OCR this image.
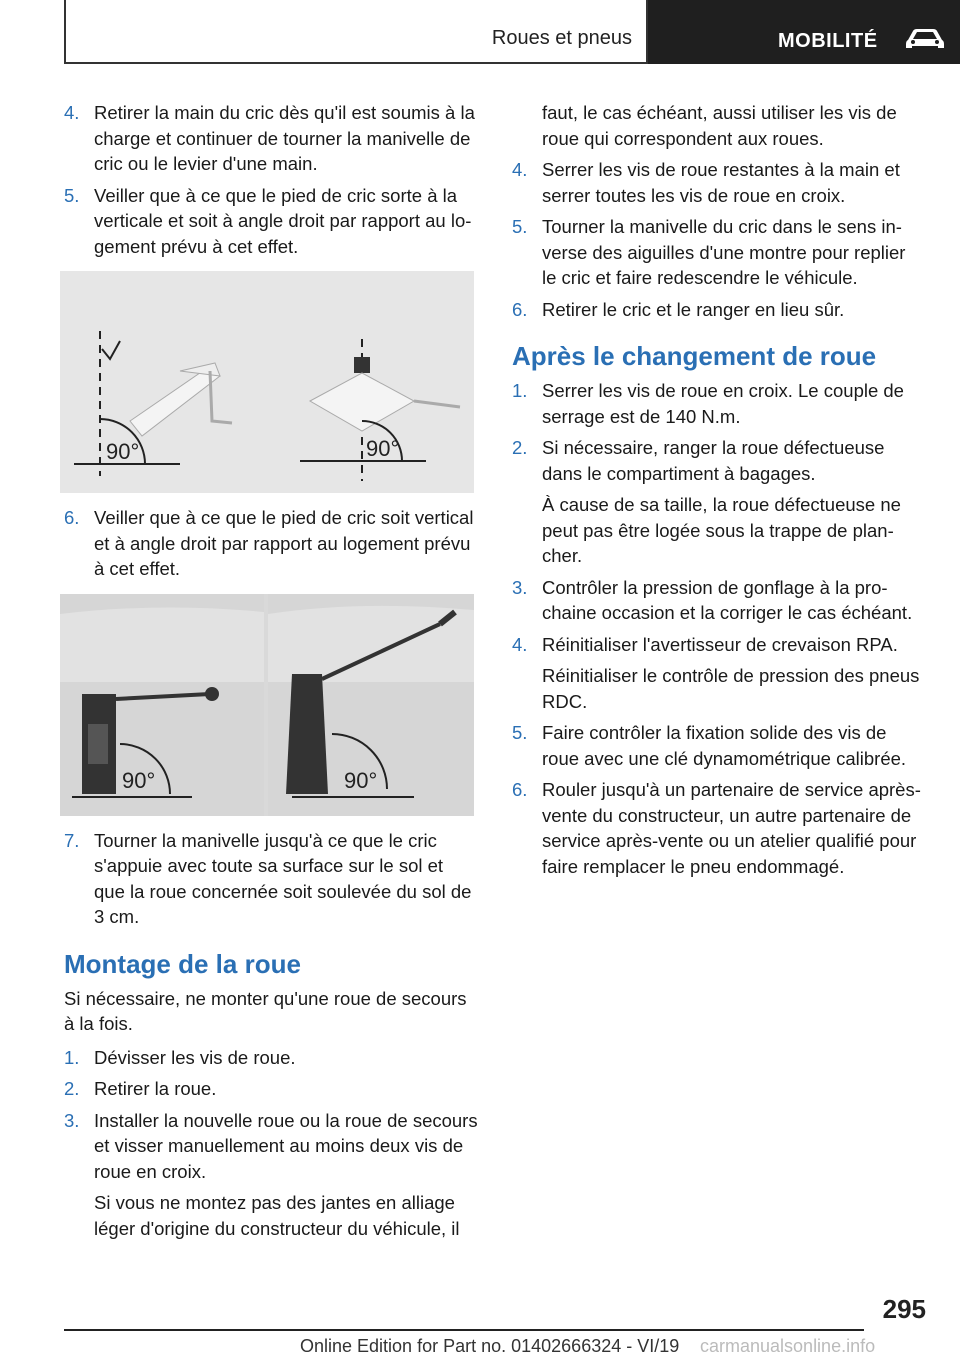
Roues et pneus	MOBILITÉ
4. Retirer la main du cric dès qu'il est soumis à la charge et continuer de tourner la manivelle de cric ou le levier d'une main.
5. Veiller que à ce que le pied de cric sorte à la verticale et soit à angle droit par rapport au logement prévu à cet effet.
90°	90°
6. Veiller que à ce que le pied de cric soit vertical et à angle droit par rapport au logement prévu à cet effet.
90°	90°
7. Tourner la manivelle jusqu'à ce que le cric s'appuie avec toute sa surface sur le sol et que la roue concernée soit soulevée du sol de 3 cm.
Montage de la roue

Si nécessaire, ne monter qu'une roue de secours à la fois.

1. Dévisser les vis de roue.
2. Retirer la roue.
3. Installer la nouvelle roue ou la roue de secours et visser manuellement au moins deux vis de roue en croix.
Si vous ne montez pas des jantes en alliage léger d'origine du constructeur du véhicule, il

faut, le cas échéant, aussi utiliser les vis de roue qui correspondent aux roues.

4. Serrer les vis de roue restantes à la main et serrer toutes les vis de roue en croix.
5. Tourner la manivelle du cric dans le sens inverse des aiguilles d'une montre pour replier le cric et faire redescendre le véhicule.
6. Retirer le cric et le ranger en lieu sûr.
Après le changement de roue
1. Serrer les vis de roue en croix. Le couple de serrage est de 140 N.m.
2. Si nécessaire, ranger la roue défectueuse dans le compartiment à bagages.
À cause de sa taille, la roue défectueuse ne peut pas être logée sous la trappe de plancher.
3. Contrôler la pression de gonflage à la prochaine occasion et la corriger le cas échéant.
4. Réinitialiser l'avertisseur de crevaison RPA.
Réinitialiser le contrôle de pression des pneus RDC.
5. Faire contrôler la fixation solide des vis de roue avec une clé dynamométrique calibrée.
6. Rouler jusqu'à un partenaire de service après-vente du constructeur, un autre partenaire de service après-vente ou un atelier qualifié pour faire remplacer le pneu endommagé.
295
Online Edition for Part no. 01402666324 - VI/19 carmanualsonline.info
